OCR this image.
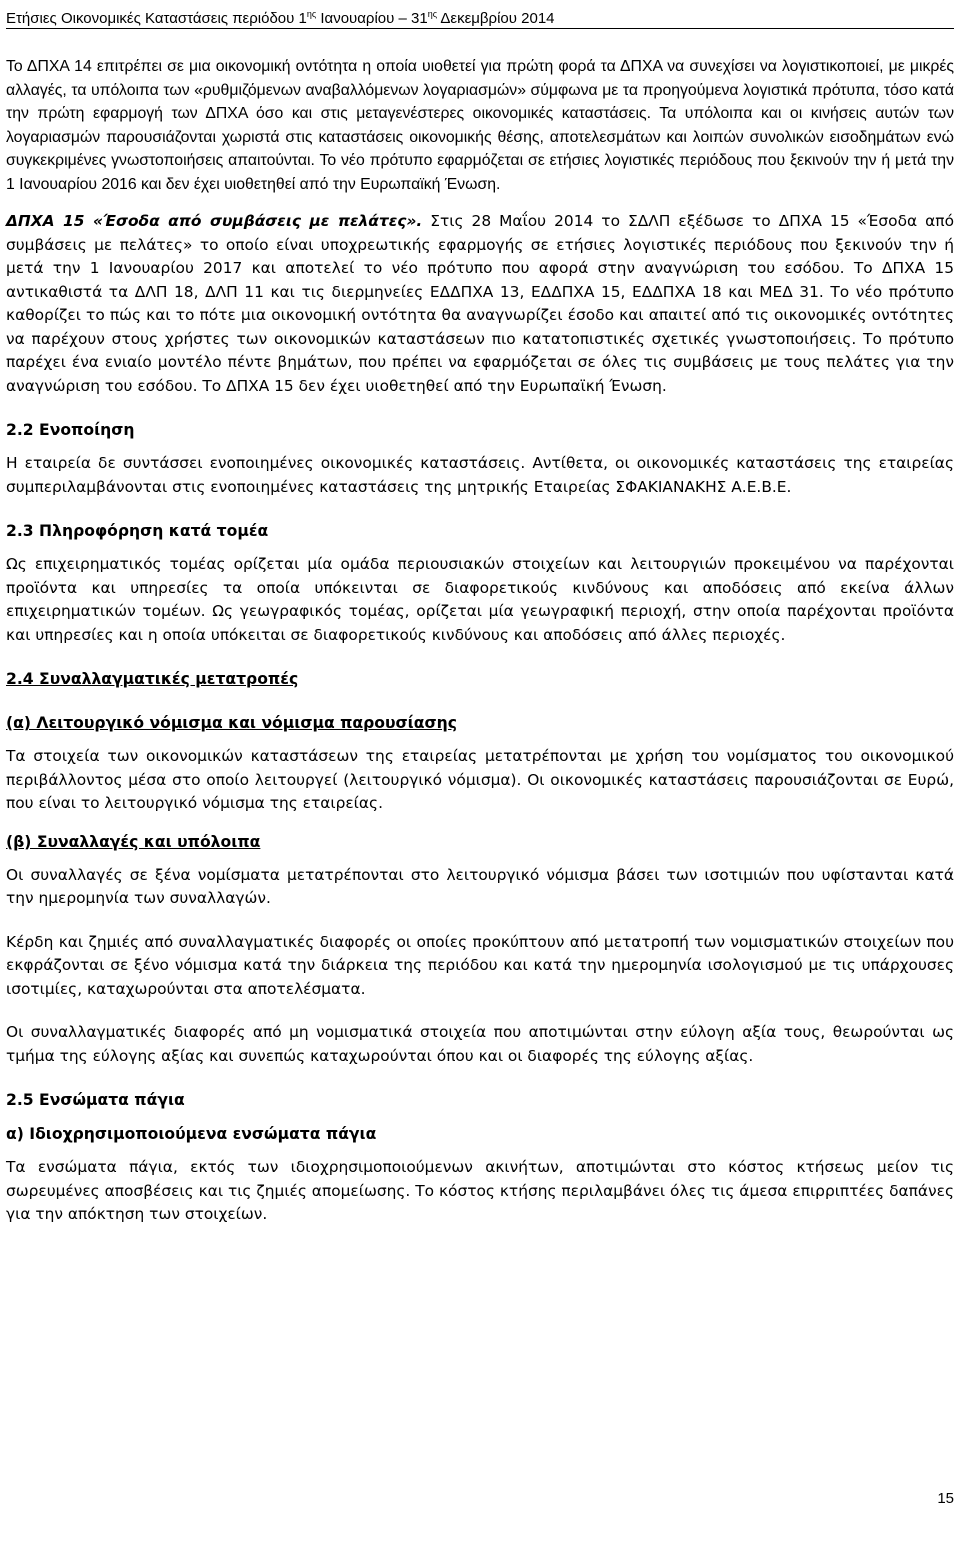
Ετήσιες Οικονομικές Καταστάσεις περιόδου $1^{\eta\varsigma}$ Ιανουαρίου – $31^{\eta\varsigma}$ Δεκεμβρίου 2014

Το ΔΠΧΑ 14 επιτρέπει σε μια οικονομική οντότητα η οποία υιοθετεί για πρώτη φορά τα ΔΠΧΑ να συνεχίσει να λογιστικοποιεί, με μικρές αλλαγές, τα υπόλοιπα των «ρυθμιζόμενων αναβαλλόμενων λογαριασμών» σύμφωνα με τα προηγούμενα λογιστικά πρότυπα, τόσο κατά την πρώτη εφαρμογή των ΔΠΧΑ όσο και στις μεταγενέστερες οικονομικές καταστάσεις. Τα υπόλοιπα και οι κινήσεις αυτών των λογαριασμών παρουσιάζονται χωριστά στις καταστάσεις οικονομικής θέσης, αποτελεσμάτων και λοιπών συνολικών εισοδημάτων ενώ συγκεκριμένες γνωστοποιήσεις απαιτούνται. Το νέο πρότυπο εφαρμόζεται σε ετήσιες λογιστικές περιόδους που ξεκινούν την ή μετά την 1 Ιανουαρίου 2016 και δεν έχει υιοθετηθεί από την Ευρωπαϊκή Ένωση.

ΔΠΧΑ 15 «Έσοδα από συμβάσεις με πελάτες». Στις 28 Μαΐου 2014 το ΣΔΛΠ εξέδωσε το ΔΠΧΑ 15 «Έσοδα από συμβάσεις με πελάτες» το οποίο είναι υποχρεωτικής εφαρμογής σε ετήσιες λογιστικές περιόδους που ξεκινούν την ή μετά την 1 Ιανουαρίου 2017 και αποτελεί το νέο πρότυπο που αφορά στην αναγνώριση του εσόδου. Το ΔΠΧΑ 15 αντικαθιστά τα ΔΛΠ 18, ΔΛΠ 11 και τις διερμηνείες ΕΔΔΠΧΑ 13, ΕΔΔΠΧΑ 15, ΕΔΔΠΧΑ 18 και ΜΕΔ 31. Το νέο πρότυπο καθορίζει το πώς και το πότε μια οικονομική οντότητα θα αναγνωρίζει έσοδο και απαιτεί από τις οικονομικές οντότητες να παρέχουν στους χρήστες των οικονομικών καταστάσεων πιο κατατοπιστικές σχετικές γνωστοποιήσεις. Το πρότυπο παρέχει ένα ενιαίο μοντέλο πέντε βημάτων, που πρέπει να εφαρμόζεται σε όλες τις συμβάσεις με τους πελάτες για την αναγνώριση του εσόδου. Το ΔΠΧΑ 15 δεν έχει υιοθετηθεί από την Ευρωπαϊκή Ένωση.

2.2 Ενοποίηση

Η εταιρεία δε συντάσσει ενοποιημένες οικονομικές καταστάσεις. Αντίθετα, οι οικονομικές καταστάσεις της εταιρείας συμπεριλαμβάνονται στις ενοποιημένες καταστάσεις της μητρικής Εταιρείας ΣΦΑΚΙΑΝΑΚΗΣ Α.Ε.Β.Ε.

2.3 Πληροφόρηση κατά τομέα

Ως επιχειρηματικός τομέας ορίζεται μία ομάδα περιουσιακών στοιχείων και λειτουργιών προκειμένου να παρέχονται προϊόντα και υπηρεσίες τα οποία υπόκεινται σε διαφορετικούς κινδύνους και αποδόσεις από εκείνα άλλων επιχειρηματικών τομέων. Ως γεωγραφικός τομέας, ορίζεται μία γεωγραφική περιοχή, στην οποία παρέχονται προϊόντα και υπηρεσίες και η οποία υπόκειται σε διαφορετικούς κινδύνους και αποδόσεις από άλλες περιοχές.

2.4 Συναλλαγματικές μετατροπές
(α) Λειτουργικό νόμισμα και νόμισμα παρουσίασης

Τα στοιχεία των οικονομικών καταστάσεων της εταιρείας μετατρέπονται με χρήση του νομίσματος του οικονομικού περιβάλλοντος μέσα στο οποίο λειτουργεί (λειτουργικό νόμισμα). Οι οικονομικές καταστάσεις παρουσιάζονται σε Ευρώ, που είναι το λειτουργικό νόμισμα της εταιρείας.

(β) Συναλλαγές και υπόλοιπα

Οι συναλλαγές σε ξένα νομίσματα μετατρέπονται στο λειτουργικό νόμισμα βάσει των ισοτιμιών που υφίστανται κατά την ημερομηνία των συναλλαγών.

Κέρδη και ζημιές από συναλλαγματικές διαφορές οι οποίες προκύπτουν από μετατροπή των νομισματικών στοιχείων που εκφράζονται σε ξένο νόμισμα κατά την διάρκεια της περιόδου και κατά την ημερομηνία ισολογισμού με τις υπάρχουσες ισοτιμίες, καταχωρούνται στα αποτελέσματα.

Οι συναλλαγματικές διαφορές από μη νομισματικά στοιχεία που αποτιμώνται στην εύλογη αξία τους, θεωρούνται ως τμήμα της εύλογης αξίας και συνεπώς καταχωρούνται όπου και οι διαφορές της εύλογης αξίας.

2.5 Ενσώματα πάγια
α) Ιδιοχρησιμοποιούμενα ενσώματα πάγια

Τα ενσώματα πάγια, εκτός των ιδιοχρησιμοποιούμενων ακινήτων, αποτιμώνται στο κόστος κτήσεως μείον τις σωρευμένες αποσβέσεις και τις ζημιές απομείωσης. Το κόστος κτήσης περιλαμβάνει όλες τις άμεσα επιρριπτέες δαπάνες για την απόκτηση των στοιχείων.

15
